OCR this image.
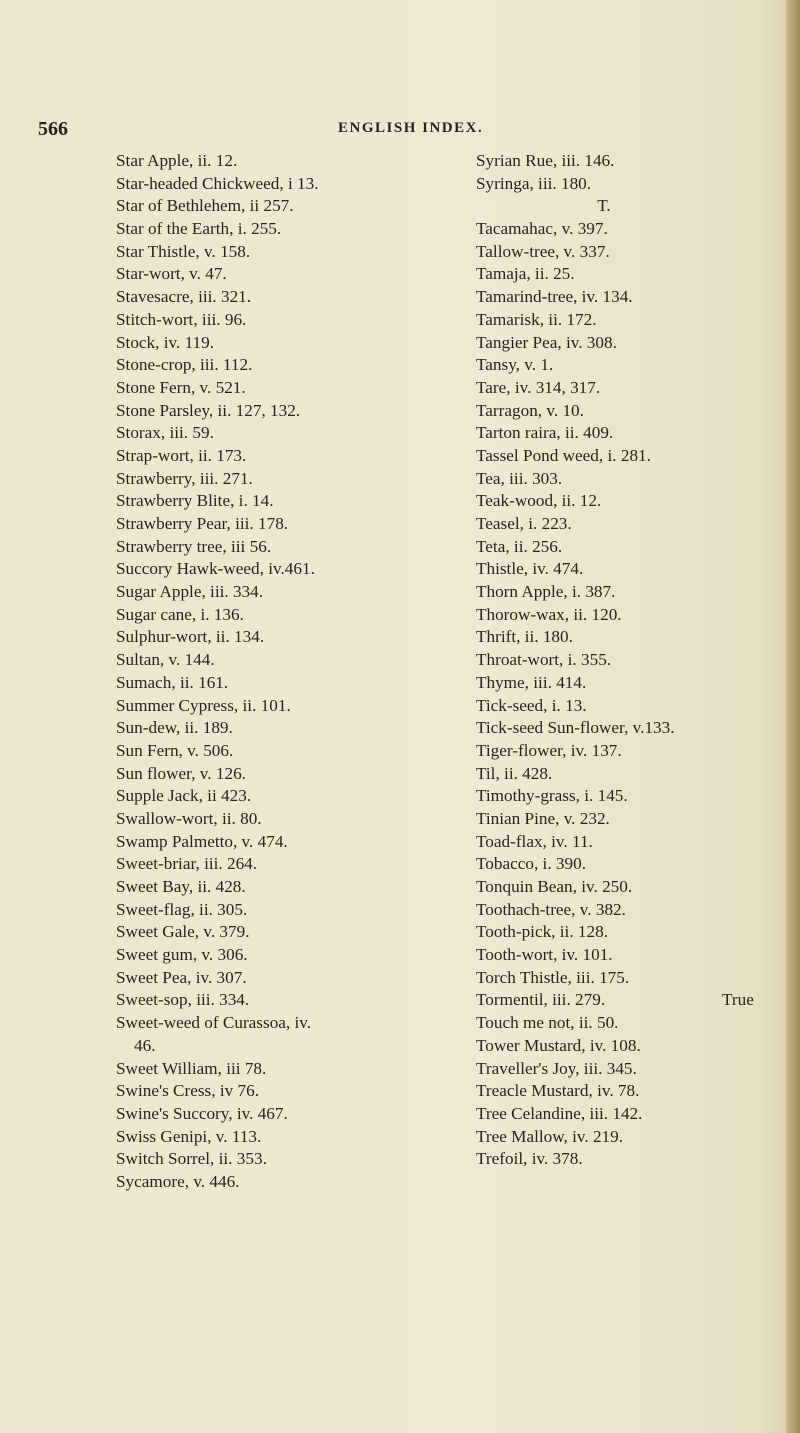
566	ENGLISH INDEX.
Star Apple, ii. 12.
Star-headed Chickweed, i 13.
Star of Bethlehem, ii 257.
Star of the Earth, i. 255.
Star Thistle, v. 158.
Star-wort, v. 47.
Stavesacre, iii. 321.
Stitch-wort, iii. 96.
Stock, iv. 119.
Stone-crop, iii. 112.
Stone Fern, v. 521.
Stone Parsley, ii. 127, 132.
Storax, iii. 59.
Strap-wort, ii. 173.
Strawberry, iii. 271.
Strawberry Blite, i. 14.
Strawberry Pear, iii. 178.
Strawberry tree, iii 56.
Succory Hawk-weed, iv.461.
Sugar Apple, iii. 334.
Sugar cane, i. 136.
Sulphur-wort, ii. 134.
Sultan, v. 144.
Sumach, ii. 161.
Summer Cypress, ii. 101.
Sun-dew, ii. 189.
Sun Fern, v. 506.
Sun flower, v. 126.
Supple Jack, ii 423.
Swallow-wort, ii. 80.
Swamp Palmetto, v. 474.
Sweet-briar, iii. 264.
Sweet Bay, ii. 428.
Sweet-flag, ii. 305.
Sweet Gale, v. 379.
Sweet gum, v. 306.
Sweet Pea, iv. 307.
Sweet-sop, iii. 334.
Sweet-weed of Curassoa, iv.
46.
Sweet William, iii 78.
Swine's Cress, iv 76.
Swine's Succory, iv. 467.
Swiss Genipi, v. 113.
Switch Sorrel, ii. 353.
Sycamore, v. 446.
Syrian Rue, iii. 146.
Syringa, iii. 180.
T.
Tacamahac, v. 397.
Tallow-tree, v. 337.
Tamaja, ii. 25.
Tamarind-tree, iv. 134.
Tamarisk, ii. 172.
Tangier Pea, iv. 308.
Tansy, v. 1.
Tare, iv. 314, 317.
Tarragon, v. 10.
Tarton raira, ii. 409.
Tassel Pond weed, i. 281.
Tea, iii. 303.
Teak-wood, ii. 12.
Teasel, i. 223.
Teta, ii. 256.
Thistle, iv. 474.
Thorn Apple, i. 387.
Thorow-wax, ii. 120.
Thrift, ii. 180.
Throat-wort, i. 355.
Thyme, iii. 414.
Tick-seed, i. 13.
Tick-seed Sun-flower, v.133.
Tiger-flower, iv. 137.
Til, ii. 428.
Timothy-grass, i. 145.
Tinian Pine, v. 232.
Toad-flax, iv. 11.
Tobacco, i. 390.
Tonquin Bean, iv. 250.
Toothach-tree, v. 382.
Tooth-pick, ii. 128.
Tooth-wort, iv. 101.
Torch Thistle, iii. 175.
Tormentil, iii. 279.
Touch me not, ii. 50.
Tower Mustard, iv. 108.
Traveller's Joy, iii. 345.
Treacle Mustard, iv. 78.
Tree Celandine, iii. 142.
Tree Mallow, iv. 219.
Trefoil, iv. 378.
True
